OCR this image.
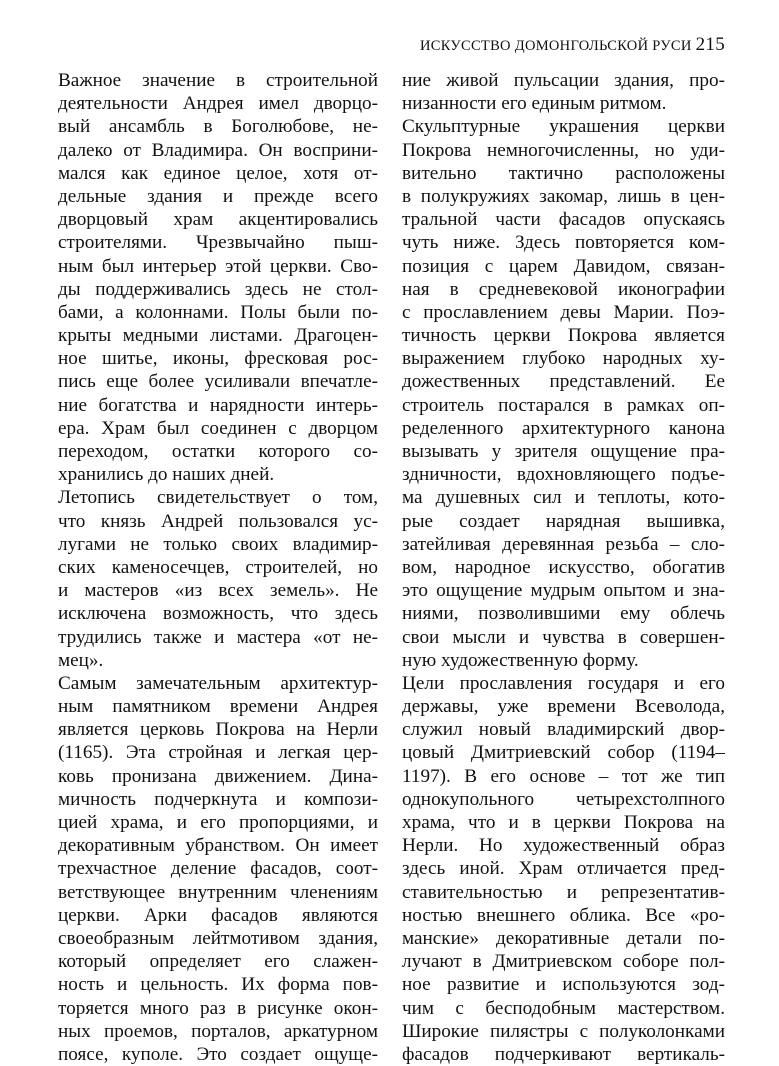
ИСКУССТВО ДОМОНГОЛЬСКОЙ РУСИ 215
Важное значение в строительной
деятельности Андрея имел дворцо-
вый ансамбль в Боголюбове, не-
далеко от Владимира. Он восприни-
мался как единое целое, хотя от-
дельные здания и прежде всего
дворцовый храм акцентировались
строителями. Чрезвычайно пыш-
ным был интерьер этой церкви. Сво-
ды поддерживались здесь не стол-
бами, а колоннами. Полы были по-
крыты медными листами. Драгоцен-
ное шитье, иконы, фресковая рос-
пись еще более усиливали впечатле-
ние богатства и нарядности интерь-
ера. Храм был соединен с дворцом
переходом, остатки которого со-
хранились до наших дней.
Летопись свидетельствует о том,
что князь Андрей пользовался ус-
лугами не только своих владимир-
ских каменосечцев, строителей, но
и мастеров «из всех земель». Не
исключена возможность, что здесь
трудились также и мастера «от не-
мец».
Самым замечательным архитектур-
ным памятником времени Андрея
является церковь Покрова на Нерли
(1165). Эта стройная и легкая цер-
ковь пронизана движением. Дина-
мичность подчеркнута и компози-
цией храма, и его пропорциями, и
декоративным убранством. Он имеет
трехчастное деление фасадов, соот-
ветствующее внутренним членениям
церкви. Арки фасадов являются
своеобразным лейтмотивом здания,
который определяет его слажен-
ность и цельность. Их форма пов-
торяется много раз в рисунке окон-
ных проемов, порталов, аркатурном
поясе, куполе. Это создает ощуще-
ние живой пульсации здания, про-
низанности его единым ритмом.
Скульптурные украшения церкви
Покрова немногочисленны, но уди-
вительно тактично расположены
в полукружиях закомар, лишь в цен-
тральной части фасадов опускаясь
чуть ниже. Здесь повторяется ком-
позиция с царем Давидом, связан-
ная в средневековой иконографии
с прославлением девы Марии. Поэ-
тичность церкви Покрова является
выражением глубоко народных ху-
дожественных представлений. Ее
строитель постарался в рамках оп-
ределенного архитектурного канона
вызывать у зрителя ощущение пра-
здничности, вдохновляющего подъе-
ма душевных сил и теплоты, кото-
рые создает нарядная вышивка,
затейливая деревянная резьба – сло-
вом, народное искусство, обогатив
это ощущение мудрым опытом и зна-
ниями, позволившими ему облечь
свои мысли и чувства в совершен-
ную художественную форму.
Цели прославления государя и его
державы, уже времени Всеволода,
служил новый владимирский двор-
цовый Дмитриевский собор (1194–
1197). В его основе – тот же тип
однокупольного четырехстолпного
храма, что и в церкви Покрова на
Нерли. Но художественный образ
здесь иной. Храм отличается пред-
ставительностью и репрезентатив-
ностью внешнего облика. Все «ро-
манские» декоративные детали по-
лучают в Дмитриевском соборе пол-
ное развитие и используются зод-
чим с бесподобным мастерством.
Широкие пилястры с полуколонками
фасадов подчеркивают вертикаль-
